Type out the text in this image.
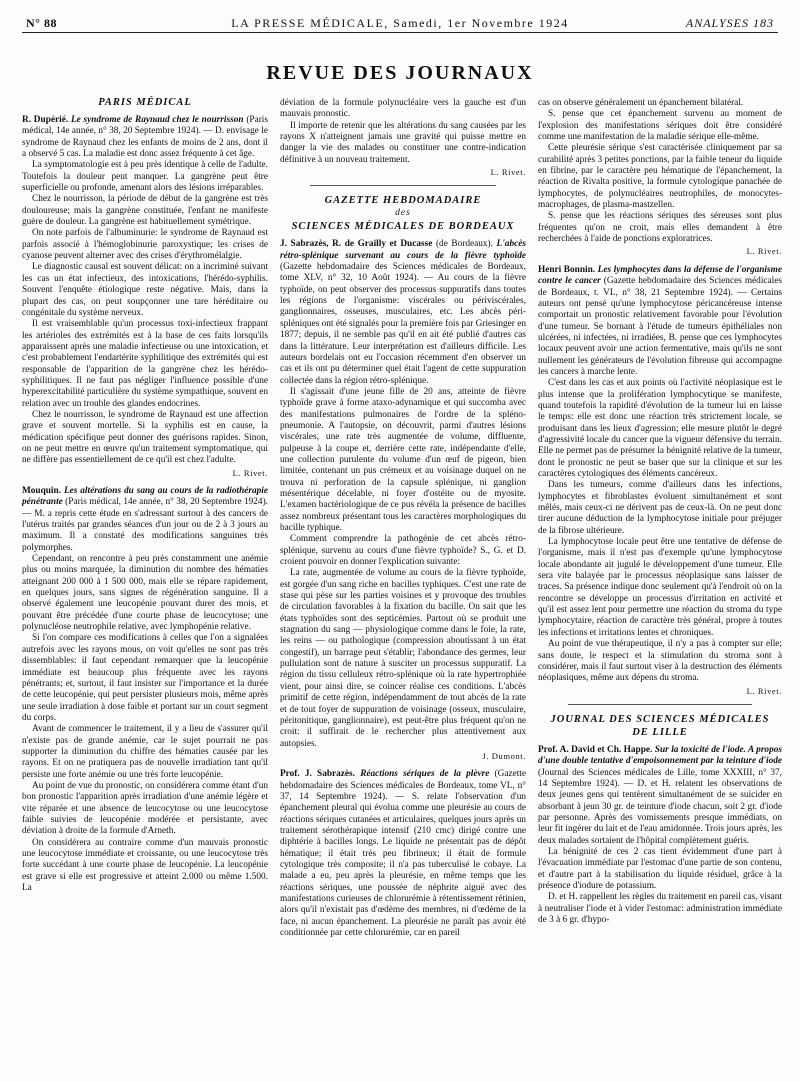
N° 88	LA PRESSE MÉDICALE, Samedi, 1er Novembre 1924	ANALYSES 183
REVUE DES JOURNAUX
PARIS MÉDICAL

R. Dupérié. Le syndrome de Raynaud chez le nourrisson (Paris médical, 14e année, n° 38, 20 Septembre 1924). — D. envisage le syndrome de Raynaud chez les enfants de moins de 2 ans, dont il a observé 5 cas. La maladie est donc assez fréquente à cet âge.

La symptomatologie est à peu près identique à celle de l'adulte. Toutefois la douleur peut manquer. La gangrène peut être superficielle ou profonde, amenant alors des lésions irréparables.

Chez le nourrisson, la période de début de la gangrène est très douloureuse; mais la gangrène constituée, l'enfant ne manifeste guère de douleur. La gangrène est habituellement symétrique.

On note parfois de l'albuminurie: le syndrome de Raynaud est parfois associé à l'hémoglobinurie paroxystique; les crises de cyanose peuvent alterner avec des crises d'érythromélalgie.

Le diagnostic causal est souvent délicat: on a incriminé suivant les cas un état infectieux, des intoxications, l'hérédo-syphilis. Souvent l'enquête étiologique reste négative. Mais, dans la plupart des cas, on peut soupçonner une tare héréditaire ou congénitale du système nerveux.

Il est vraisemblable qu'un processus toxi-infectieux frappant les artérioles des extrémités est à la base de ces faits lorsqu'ils apparaissent après une maladie infectieuse ou une intoxication, et c'est probablement l'endartérite syphilitique des extrémités qui est responsable de l'apparition de la gangrène chez les hérédo-syphilitiques. Il ne faut pas négliger l'influence possible d'une hyperexcitabilité particulière du système sympathique, souvent en relation avec un trouble des glandes endocrines.

Chez le nourrisson, le syndrome de Raynaud est une affection grave et souvent mortelle. Si la syphilis est en cause, la médication spécifique peut donner des guérisons rapides. Sinon, on ne peut mettre en œuvre qu'un traitement symptomatique, qui ne diffère pas essentiellement de ce qu'il est chez l'adulte.

L. Rivet.

Mouquin. Les altérations du sang au cours de la radiothérapie pénétrante (Paris médical, 14e année, n° 38, 20 Septembre 1924). — M. a repris cette étude en s'adressant surtout à des cancers de l'utérus traités par grandes séances d'un jour ou de 2 à 3 jours au maximum. Il a constaté des modifications sanguines très polymorphes.

Cependant, on rencontre à peu près constamment une anémie plus ou moins marquée, la diminution du nombre des hématies atteignant 200 000 à 1 500 000, mais elle se répare rapidement, en quelques jours, sans signes de régénération sanguine. Il a observé également une leucopénie pouvant durer des mois, et pouvant être précédée d'une courte phase de leucocytose; une polynucléose neutrophile relative, avec lymphopénie relative.

Si l'on compare ces modifications à celles que l'on a signalées autrefois avec les rayons mous, on voit qu'elles ne sont pas très dissemblables: il faut cependant remarquer que la leucopénie immédiate est beaucoup plus fréquente avec les rayons pénétrants; et, surtout, il faut insister sur l'importance et la durée de cette leucopénie, qui peut persister plusieurs mois, même après une seule irradiation à dose faible et portant sur un court segment du corps.

Avant de commencer le traitement, il y a lieu de s'assurer qu'il n'existe pas de grande anémie, car le sujet pourrait ne pas supporter la diminution du chiffre des hématies causée par les rayons. Et on ne pratiquera pas de nouvelle irradiation tant qu'il persiste une forte anémie ou une très forte leucopénie.

Au point de vue du pronostic, on considérera comme étant d'un bon pronostic l'apparition après irradiation d'une anémie légère et vite réparée et une absence de leucocytose ou une leucocytose faible suivies de leucopénie modérée et persistante, avec déviation à droite de la formule d'Arneth.

On considérera au contraire comme d'un mauvais pronostic une leucocytose immédiate et croissante, ou une leucocytose très forte succédant à une courte phase de leucopénie. La leucopénie est grave si elle est progressive et atteint 2.000 ou même 1.500. La

déviation de la formule polynucléaire vers la gauche est d'un mauvais pronostic.

Il importe de retenir que les altérations du sang causées par les rayons X n'atteignent jamais une gravité qui puisse mettre en danger la vie des malades ou constituer une contre-indication définitive à un nouveau traitement.

L. Rivet.
GAZETTE HEBDOMADAIRE
des
SCIENCES MÉDICALES DE BORDEAUX

J. Sabrazès, R. de Grailly et Ducasse (de Bordeaux). L'abcès rétro-splénique survenant au cours de la fièvre typhoïde (Gazette hebdomadaire des Sciences médicales de Bordeaux, tome XLV, n° 32, 10 Août 1924). — Au cours de la fièvre typhoïde, on peut observer des processus suppuratifs dans toutes les régions de l'organisme: viscérales ou périviscérales, ganglionnaires, osseuses, musculaires, etc. Les abcès péri-spléniques ont été signalés pour la première fois par Griesinger en 1877; depuis, il ne semble pas qu'il en ait été publié d'autres cas dans la littérature. Leur interprétation est d'ailleurs difficile. Les auteurs bordelais ont eu l'occasion récemment d'en observer un cas et ils ont pu déterminer quel était l'agent de cette suppuration collectée dans la région rétro-splénique.

Il s'agissait d'une jeune fille de 20 ans, atteinte de fièvre typhoïde grave à forme ataxo-adynamique et qui succomba avec des manifestations pulmonaires de l'ordre de la spléno-pneumonie. A l'autopsie, on découvrit, parmi d'autres lésions viscérales, une rate très augmentée de volume, diffluente, pulpeuse à la coupe et, derrière cette rate, indépendante d'elle, une collection purulente du volume d'un œuf de pigeon, bien limitée, contenant un pus crémeux et au voisinage duquel on ne trouva ni perforation de la capsule splénique, ni ganglion mésentérique décelable, ni foyer d'ostéite ou de myosite. L'examen bactériologique de ce pus révéla la présence de bacilles assez nombreux présentant tous les caractères morphologiques du bacille typhique.

Comment comprendre la pathogénie de cet abcès rétro-splénique, survenu au cours d'une fièvre typhoïde? S., G. et D. croient pouvoir en donner l'explication suivante:

La rate, augmentée de volume au cours de la fièvre typhoïde, est gorgée d'un sang riche en bacilles typhiques. C'est une rate de stase qui pèse sur les parties voisines et y provoque des troubles de circulation favorables à la fixation du bacille. On sait que les états typhoïdes sont des septicémies. Partout où se produit une stagnation du sang — physiologique comme dans le foie, la rate, les reins — ou pathologique (compression aboutissant à un état congestif), un barrage peut s'établir; l'abondance des germes, leur pullulation sont de nature à susciter un processus suppuratif. La région du tissu celluleux rétro-splénique où la rate hypertrophiée vient, pour ainsi dire, se coincer réalise ces conditions. L'abcès primitif de cette région, indépendamment de tout abcès de la rate et de tout foyer de suppuration de voisinage (osseux, musculaire, péritonitique, ganglionnaire), est peut-être plus fréquent qu'on ne croit: il suffirait de le rechercher plus attentivement aux autopsies.

J. Dumont.

Prof. J. Sabrazès. Réactions sériques de la plèvre (Gazette hebdomadaire des Sciences médicales de Bordeaux, tome VL, n° 37, 14 Septembre 1924). — S. relate l'observation d'un épanchement pleural qui évolua comme une pleurésie au cours de réactions sériques cutanées et articulaires, quelques jours après un traitement sérothérapique intensif (210 cmc) dirigé contre une diphtérie à bacilles longs. Le liquide ne présentait pas de dépôt hématique; il était très peu fibrineux; il était de formule cytologique très composite; il n'a pas tuberculisé le cobaye. La malade a eu, peu après la pleurésie, en même temps que les réactions sériques, une poussée de néphrite aiguë avec des manifestations curieuses de chlorurémie à rétentissement rétinien, alors qu'il n'existait pas d'œdème des membres, ni d'œdème de la face, ni aucun épanchement. La pleurésie ne paraît pas avoir été conditionnée par cette chlorurémie, car en pareil

cas on observe généralement un épanchement bilatéral.

S. pense que cet épanchement survenu au moment de l'explosion des manifestations sériques doit être considéré comme une manifestation de la maladie sérique elle-même.

Cette pleurésie sérique s'est caractérisée cliniquement par sa curabilité après 3 petites ponctions, par la faible teneur du liquide en fibrine, par le caractère peu hématique de l'épanchement, la réaction de Rivalta positive, la formule cytologique panachée de lymphocytes, de polynucléaires neutrophiles, de monocytes-macrophages, de plasma-mastzellen.

S. pense que les réactions sériques des séreuses sont plus fréquentes qu'on ne croit, mais elles demandent à être recherchées à l'aide de ponctions exploratrices.

L. Rivet.

Henri Bonnin. Les lymphocytes dans la défense de l'organisme contre le cancer (Gazette hebdomadaire des Sciences médicales de Bordeaux, t. VL, n° 38, 21 Septembre 1924). — Certains auteurs ont pensé qu'une lymphocytose péricancéreuse intense comportait un pronostic relativement favorable pour l'évolution d'une tumeur. Se bornant à l'étude de tumeurs épithéliales non ulcérées, ni infectées, ni irradiées, B. pense que ces lymphocytes locaux peuvent avoir une action fermentative, mais qu'ils ne sont nullement les générateurs de l'évolution fibreuse qui accompagne les cancers à marche lente.

C'est dans les cas et aux points où l'activité néoplasique est le plus intense que la prolifération lymphocytique se manifeste, quand toutefois la rapidité d'évolution de la tumeur lui en laisse le temps: elle est donc une réaction très strictement locale, se produisant dans les lieux d'agression; elle mesure plutôt le degré d'agressivité locale du cancer que la vigueur défensive du terrain. Elle ne permet pas de présumer la bénignité relative de la tumeur, dont le pronostic ne peut se baser que sur la clinique et sur les caractères cytologiques des éléments cancéreux.

Dans les tumeurs, comme d'ailleurs dans les infections, lymphocytes et fibroblastes évoluent simultanément et sont mêlés, mais ceux-ci ne dérivent pas de ceux-là. On ne peut donc tirer aucune déduction de la lymphocytose initiale pour préjuger de la fibrose ultérieure.

La lymphocytose locale peut être une tentative de défense de l'organisme, mais il n'est pas d'exemple qu'une lymphocytose locale abondante ait jugulé le développement d'une tumeur. Elle sera vite balayée par le processus néoplasique sans laisser de traces. Sa présence indique donc seulement qu'à l'endroit où on la rencontre se développe un processus d'irritation en activité et qu'il est assez lent pour permettre une réaction du stroma du type lymphocytaire, réaction de caractère très général, propre à toutes les infections et irritations lentes et chroniques.

Au point de vue thérapeutique, il n'y a pas à compter sur elle; sans doute, le respect et la stimulation du stroma sont à considérer, mais il faut surtout viser à la destruction des éléments néoplasiques, même aux dépens du stroma.

L. Rivet.
JOURNAL DES SCIENCES MÉDICALES
DE LILLE

Prof. A. David et Ch. Happe. Sur la toxicité de l'iode. A propos d'une double tentative d'empoisonnement par la teinture d'iode (Journal des Sciences médicales de Lille, tome XXXIII, n° 37, 14 Septembre 1924). — D. et H. relatent les observations de deux jeunes gens qui tentèrent simultanément de se suicider en absorbant à jeun 30 gr. de teinture d'iode chacun, soit 2 gr. d'iode par personne. Après des vomissements presque immédiats, on leur fit ingérer du lait et de l'eau amidonnée. Trois jours après, les deux malades sortaient de l'hôpital complètement guéris.

La bénignité de ces 2 cas tient évidemment d'une part à l'évacuation immédiate par l'estomac d'une partie de son contenu, et d'autre part à la stabilisation du liquide résiduel, grâce à la présence d'iodure de potassium.

D. et H. rappellent les règles du traitement en pareil cas, visant à neutraliser l'iode et à vider l'estomac: administration immédiate de 3 à 6 gr. d'hypo-
